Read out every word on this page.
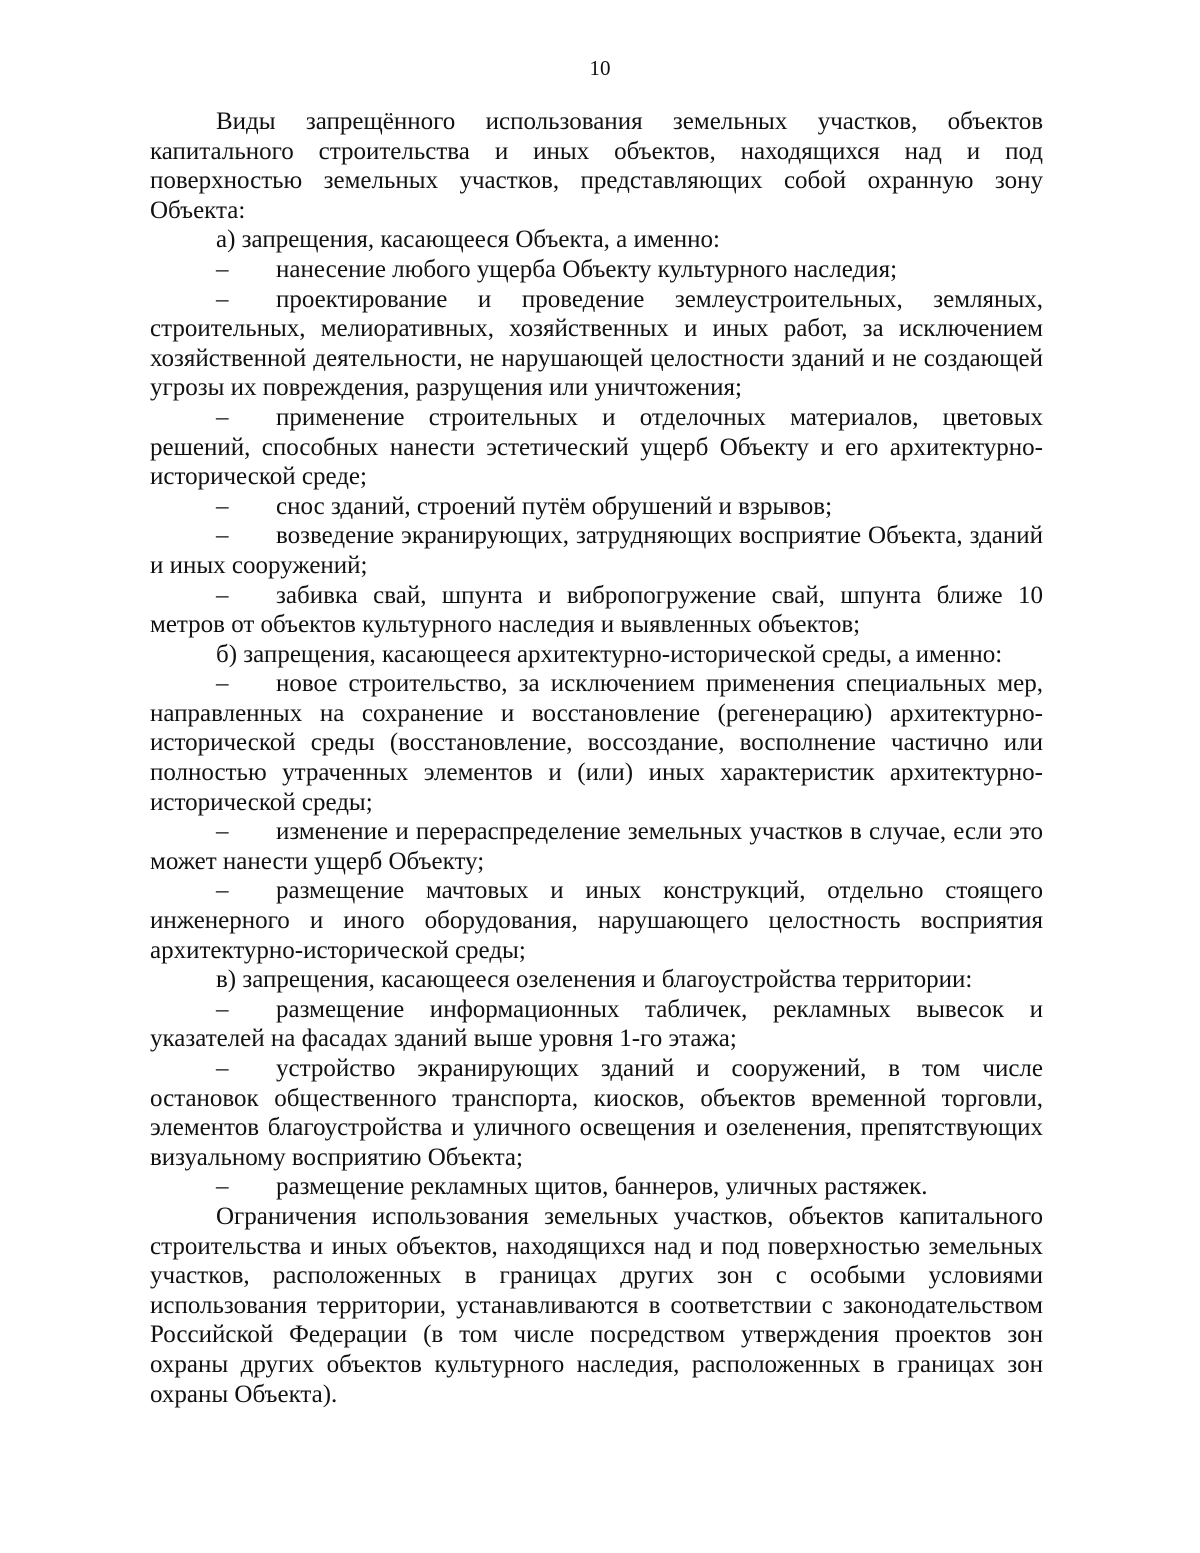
10

Виды запрещённого использования земельных участков, объектов капитального строительства и иных объектов, находящихся над и под поверхностью земельных участков, представляющих собой охранную зону Объекта:

а) запрещения, касающееся Объекта, а именно:

– нанесение любого ущерба Объекту культурного наследия;

– проектирование и проведение землеустроительных, земляных, строительных, мелиоративных, хозяйственных и иных работ, за исключением хозяйственной деятельности, не нарушающей целостности зданий и не создающей угрозы их повреждения, разрущения или уничтожения;

– применение строительных и отделочных материалов, цветовых решений, способных нанести эстетический ущерб Объекту и его архитектурно-исторической среде;

– снос зданий, строений путём обрушений и взрывов;

– возведение экранирующих, затрудняющих восприятие Объекта, зданий и иных сооружений;

– забивка свай, шпунта и вибропогружение свай, шпунта ближе 10 метров от объектов культурного наследия и выявленных объектов;

б) запрещения, касающееся архитектурно-исторической среды, а именно:

– новое строительство, за исключением применения специальных мер, направленных на сохранение и восстановление (регенерацию) архитектурно-исторической среды (восстановление, воссоздание, восполнение частично или полностью утраченных элементов и (или) иных характеристик архитектурно-исторической среды;

– изменение и перераспределение земельных участков в случае, если это может нанести ущерб Объекту;

– размещение мачтовых и иных конструкций, отдельно стоящего инженерного и иного оборудования, нарушающего целостность восприятия архитектурно-исторической среды;

в) запрещения, касающееся озеленения и благоустройства территории:

– размещение информационных табличек, рекламных вывесок и указателей на фасадах зданий выше уровня 1-го этажа;

– устройство экранирующих зданий и сооружений, в том числе остановок общественного транспорта, киосков, объектов временной торговли, элементов благоустройства и уличного освещения и озеленения, препятствующих визуальному восприятию Объекта;

– размещение рекламных щитов, баннеров, уличных растяжек.

Ограничения использования земельных участков, объектов капитального строительства и иных объектов, находящихся над и под поверхностью земельных участков, расположенных в границах других зон с особыми условиями использования территории, устанавливаются в соответствии с законодательством Российской Федерации (в том числе посредством утверждения проектов зон охраны других объектов культурного наследия, расположенных в границах зон охраны Объекта).
